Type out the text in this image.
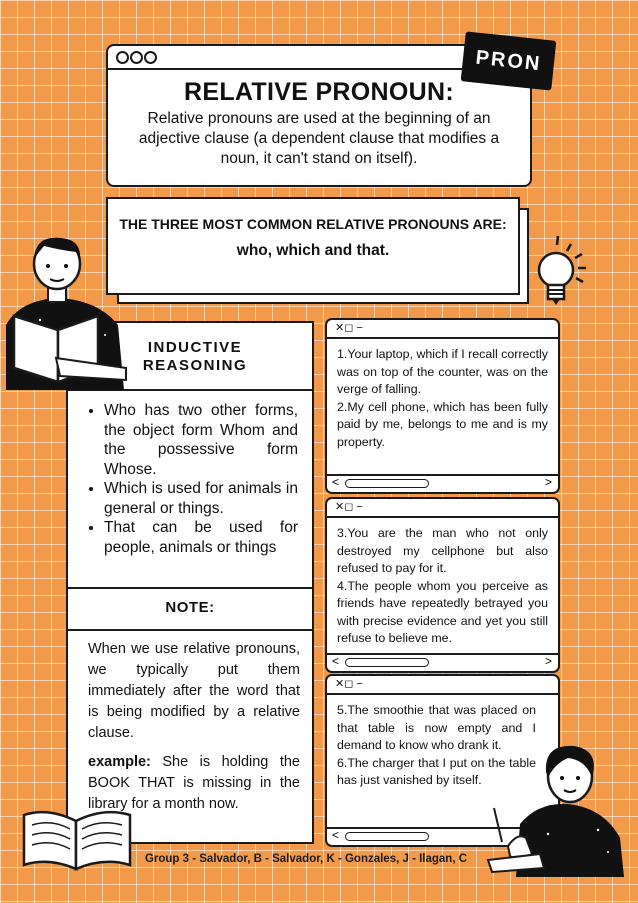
RELATIVE PRONOUN:

Relative pronouns are used at the beginning of an adjective clause (a dependent clause that modifies a noun, it can't stand on itself).

PRON
THE THREE MOST COMMON RELATIVE PRONOUNS ARE:
who, which and that.
INDUCTIVE REASONING
• Who has two other forms, the object form Whom and the possessive form Whose.
• Which is used for animals in general or things.
• That can be used for people, animals or things
NOTE:

When we use relative pronouns, we typically put them immediately after the word that is being modified by a relative clause.

example: She is holding the BOOK THAT is missing in the library for a month now.

✕◻ −
1.Your laptop, which if I recall correctly was on top of the counter, was on the verge of falling.
2.My cell phone, which has been fully paid by me, belongs to me and is my property.
<	>
✕◻ −
3.You are the man who not only destroyed my cellphone but also refused to pay for it.
4.The people whom you perceive as friends have repeatedly betrayed you with precise evidence and yet you still refuse to believe me.
<	>
✕◻ −
5.The smoothie that was placed on that table is now empty and I demand to know who drank it.
6.The charger that I put on the table has just vanished by itself.
<
Group 3 - Salvador, B - Salvador, K - Gonzales, J - Ilagan, C
